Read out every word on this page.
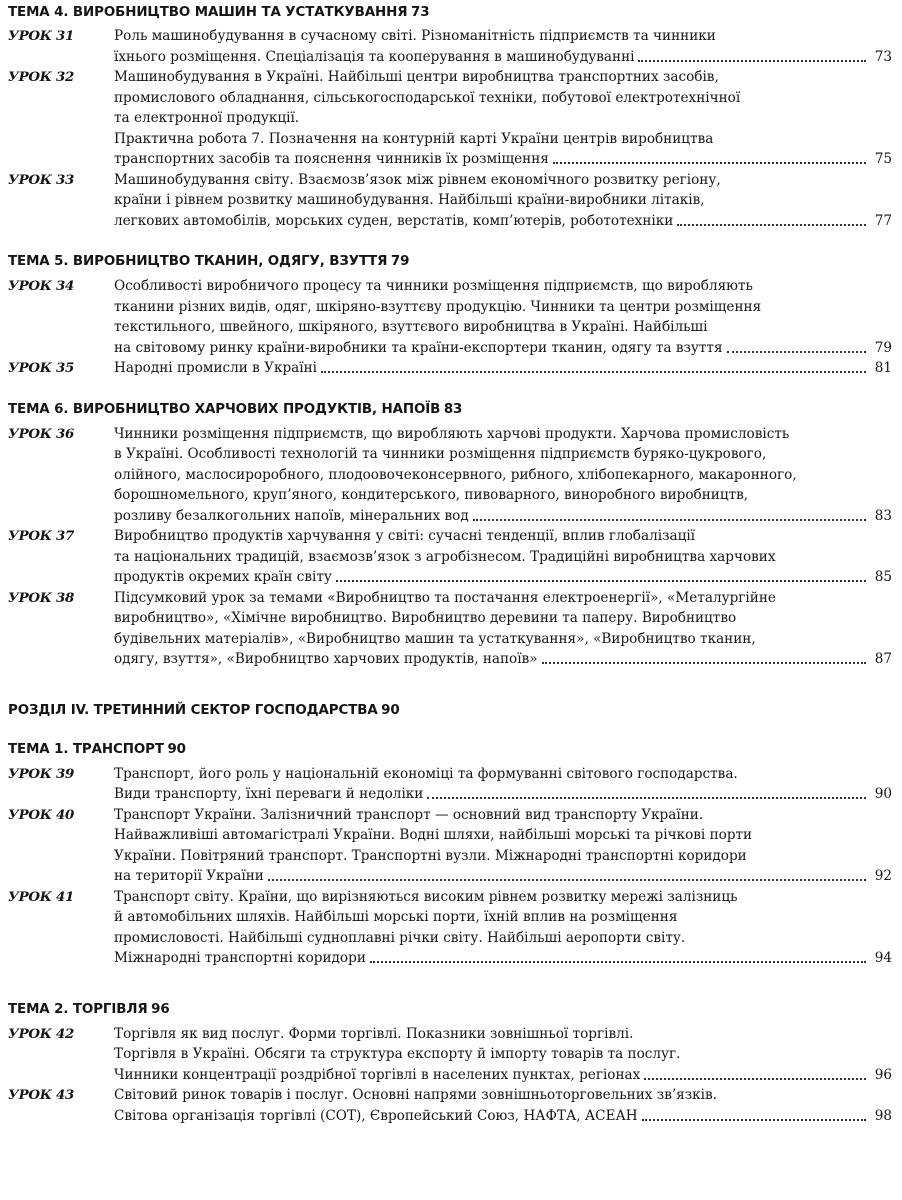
ТЕМА 4. ВИРОБНИЦТВО МАШИН ТА УСТАТКУВАННЯ 73
УРОК 31	Роль машинобудування в сучасному світі. Різноманітність підприємств та чинники
їхнього розміщення. Спеціалізація та кооперування в машинобудуванні	73
УРОК 32	Машинобудування в Україні. Найбільші центри виробництва транспортних засобів,
промислового обладнання, сільськогосподарської техніки, побутової електротехнічної
та електронної продукції.
Практична робота 7. Позначення на контурній карті України центрів виробництва
транспортних засобів та пояснення чинників їх розміщення	75
УРОК 33	Машинобудування світу. Взаємозв’язок між рівнем економічного розвитку регіону,
країни і рівнем розвитку машинобудування. Найбільші країни-виробники літаків,
легкових автомобілів, морських суден, верстатів, комп’ютерів, робототехніки	77
ТЕМА 5. ВИРОБНИЦТВО ТКАНИН, ОДЯГУ, ВЗУТТЯ 79
УРОК 34	Особливості виробничого процесу та чинники розміщення підприємств, що виробляють
тканини різних видів, одяг, шкіряно-взуттєву продукцію. Чинники та центри розміщення
текстильного, швейного, шкіряного, взуттєвого виробництва в Україні. Найбільші
на світовому ринку країни-виробники та країни-експортери тканин, одягу та взуття	79
УРОК 35	Народні промисли в Україні	81
ТЕМА 6. ВИРОБНИЦТВО ХАРЧОВИХ ПРОДУКТІВ, НАПОЇВ 83
УРОК 36	Чинники розміщення підприємств, що виробляють харчові продукти. Харчова промисловість
в Україні. Особливості технологій та чинники розміщення підприємств буряко-цукрового,
олійного, маслосироробного, плодоовочеконсервного, рибного, хлібопекарного, макаронного,
борошномельного, круп’яного, кондитерського, пивоварного, виноробного виробництв,
розливу безалкогольних напоїв, мінеральних вод	83
УРОК 37	Виробництво продуктів харчування у світі: сучасні тенденції, вплив глобалізації
та національних традицій, взаємозв’язок з агробізнесом. Традиційні виробництва харчових
продуктів окремих країн світу	85
УРОК 38	Підсумковий урок за темами «Виробництво та постачання електроенергії», «Металургійне
виробництво», «Хімічне виробництво. Виробництво деревини та паперу. Виробництво
будівельних матеріалів», «Виробництво машин та устаткування», «Виробництво тканин,
одягу, взуття», «Виробництво харчових продуктів, напоїв»	87
РОЗДІЛ IV. ТРЕТИННИЙ СЕКТОР ГОСПОДАРСТВА 90
ТЕМА 1. ТРАНСПОРТ 90
УРОК 39	Транспорт, його роль у національній економіці та формуванні світового господарства.
Види транспорту, їхні переваги й недоліки	90
УРОК 40	Транспорт України. Залізничний транспорт — основний вид транспорту України.
Найважливіші автомагістралі України. Водні шляхи, найбільші морські та річкові порти
України. Повітряний транспорт. Транспортні вузли. Міжнародні транспортні коридори
на території України	92
УРОК 41	Транспорт світу. Країни, що вирізняються високим рівнем розвитку мережі залізниць
й автомобільних шляхів. Найбільші морські порти, їхній вплив на розміщення
промисловості. Найбільші судноплавні річки світу. Найбільші аеропорти світу.
Міжнародні транспортні коридори	94
ТЕМА 2. ТОРГІВЛЯ 96
УРОК 42	Торгівля як вид послуг. Форми торгівлі. Показники зовнішньої торгівлі.
Торгівля в Україні. Обсяги та структура експорту й імпорту товарів та послуг.
Чинники концентрації роздрібної торгівлі в населених пунктах, регіонах	96
УРОК 43	Світовий ринок товарів і послуг. Основні напрями зовнішньоторговельних зв’язків.
Світова організація торгівлі (СОТ), Європейський Союз, НАФТА, АСЕАН	98
